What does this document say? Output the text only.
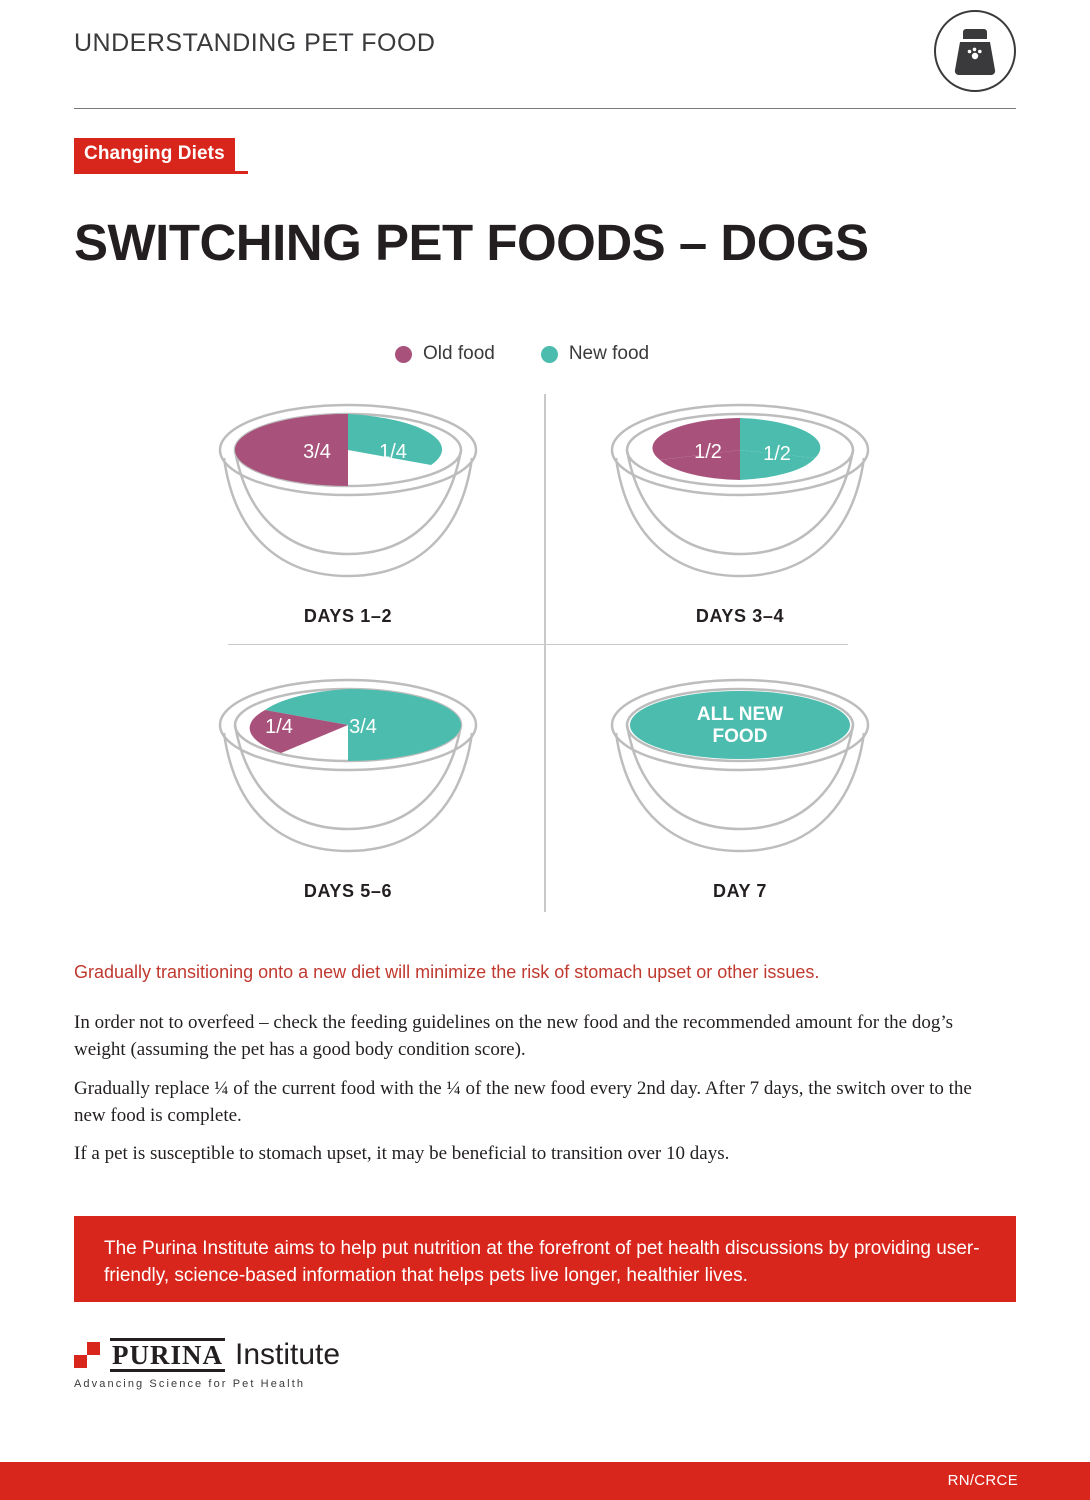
UNDERSTANDING PET FOOD
Changing Diets
SWITCHING PET FOODS – DOGS
Old food	New food
3/4 1/4
DAYS 1–2
1/2 1/2
DAYS 3–4
1/4	3/4
DAYS 5–6
ALL NEW
FOOD
DAY 7
Gradually transitioning onto a new diet will minimize the risk of stomach upset or other issues.
In order not to overfeed – check the feeding guidelines on the new food and the recommended amount for the dog’s weight (assuming the pet has a good body condition score).
Gradually replace ¼ of the current food with the ¼ of the new food every 2nd day. After 7 days, the switch over to the new food is complete.
If a pet is susceptible to stomach upset, it may be beneficial to transition over 10 days.
The Purina Institute aims to help put nutrition at the forefront of pet health discussions by providing user-friendly, science-based information that helps pets live longer, healthier lives.
PURINA Institute
Advancing Science for Pet Health
RN/CRCE
